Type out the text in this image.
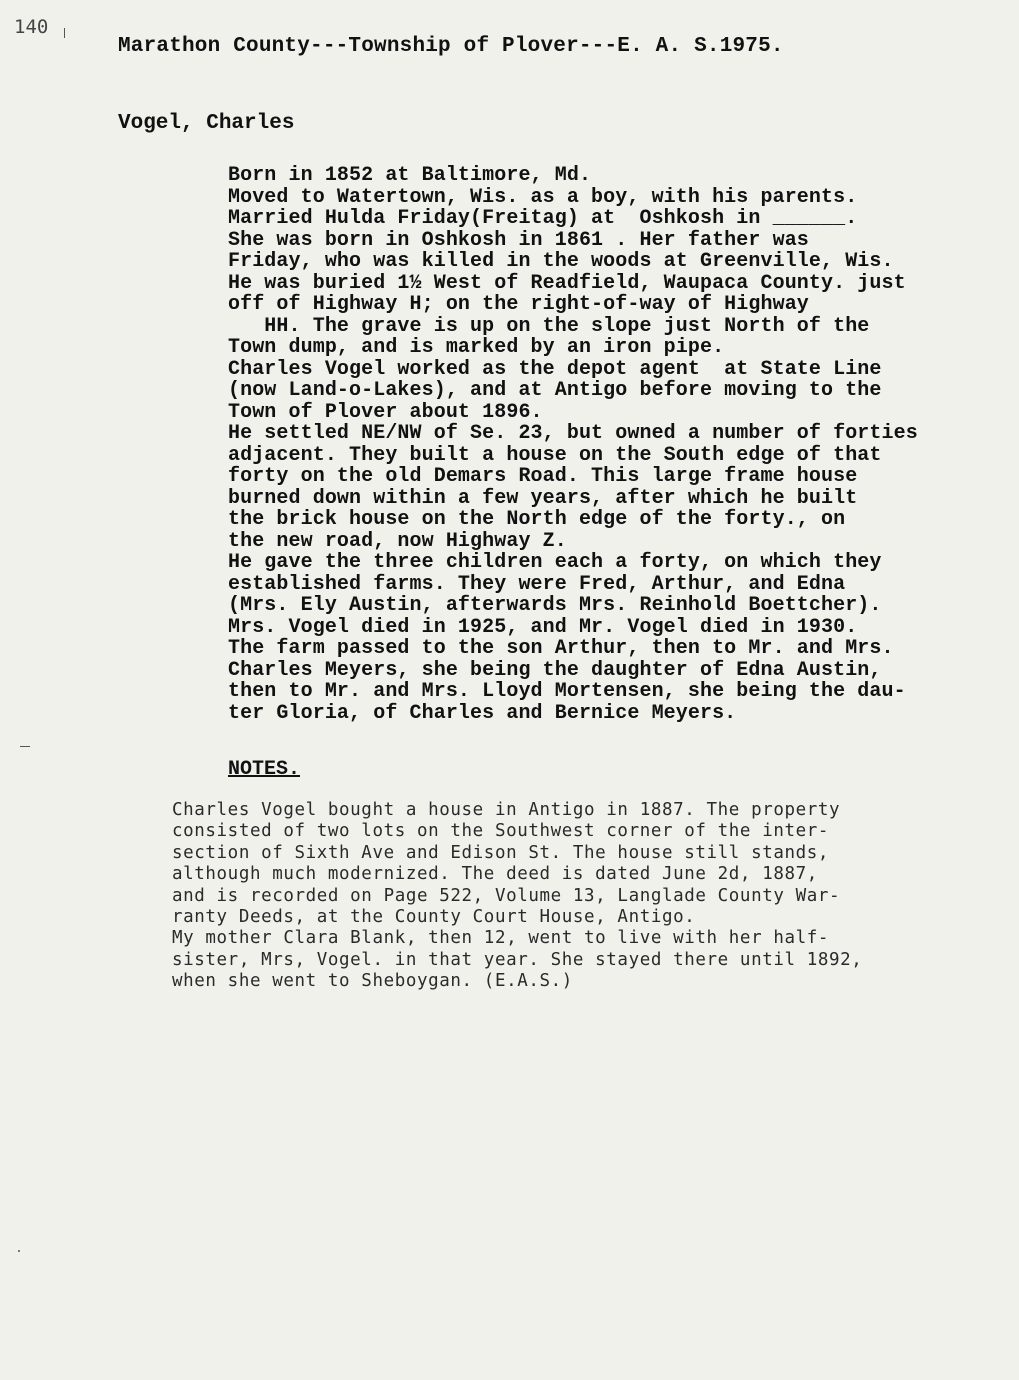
140
Marathon County---Township of Plover---E. A. S.1975.
Vogel, Charles
Born in 1852 at Baltimore, Md.
Moved to Watertown, Wis. as a boy, with his parents.
Married Hulda Friday(Freitag) at  Oshkosh in ______.
She was born in Oshkosh in 1861 . Her father was
Friday, who was killed in the woods at Greenville, Wis.
He was buried 1½ West of Readfield, Waupaca County. just
off of Highway H; on the right-of-way of Highway
HH. The grave is up on the slope just North of the
Town dump, and is marked by an iron pipe.
Charles Vogel worked as the depot agent  at State Line
(now Land-o-Lakes), and at Antigo before moving to the
Town of Plover about 1896.
He settled NE/NW of Se. 23, but owned a number of forties
adjacent. They built a house on the South edge of that
forty on the old Demars Road. This large frame house
burned down within a few years, after which he built
the brick house on the North edge of the forty., on
the new road, now Highway Z.
He gave the three children each a forty, on which they
established farms. They were Fred, Arthur, and Edna
(Mrs. Ely Austin, afterwards Mrs. Reinhold Boettcher).
Mrs. Vogel died in 1925, and Mr. Vogel died in 1930.
The farm passed to the son Arthur, then to Mr. and Mrs.
Charles Meyers, she being the daughter of Edna Austin,
then to Mr. and Mrs. Lloyd Mortensen, she being the dau-
ter Gloria, of Charles and Bernice Meyers.
NOTES.
Charles Vogel bought a house in Antigo in 1887. The property
consisted of two lots on the Southwest corner of the inter-
section of Sixth Ave and Edison St. The house still stands,
although much modernized. The deed is dated June 2d, 1887,
and is recorded on Page 522, Volume 13, Langlade County War-
ranty Deeds, at the County Court House, Antigo.
My mother Clara Blank, then 12, went to live with her half-
sister, Mrs, Vogel. in that year. She stayed there until 1892,
when she went to Sheboygan. (E.A.S.)
